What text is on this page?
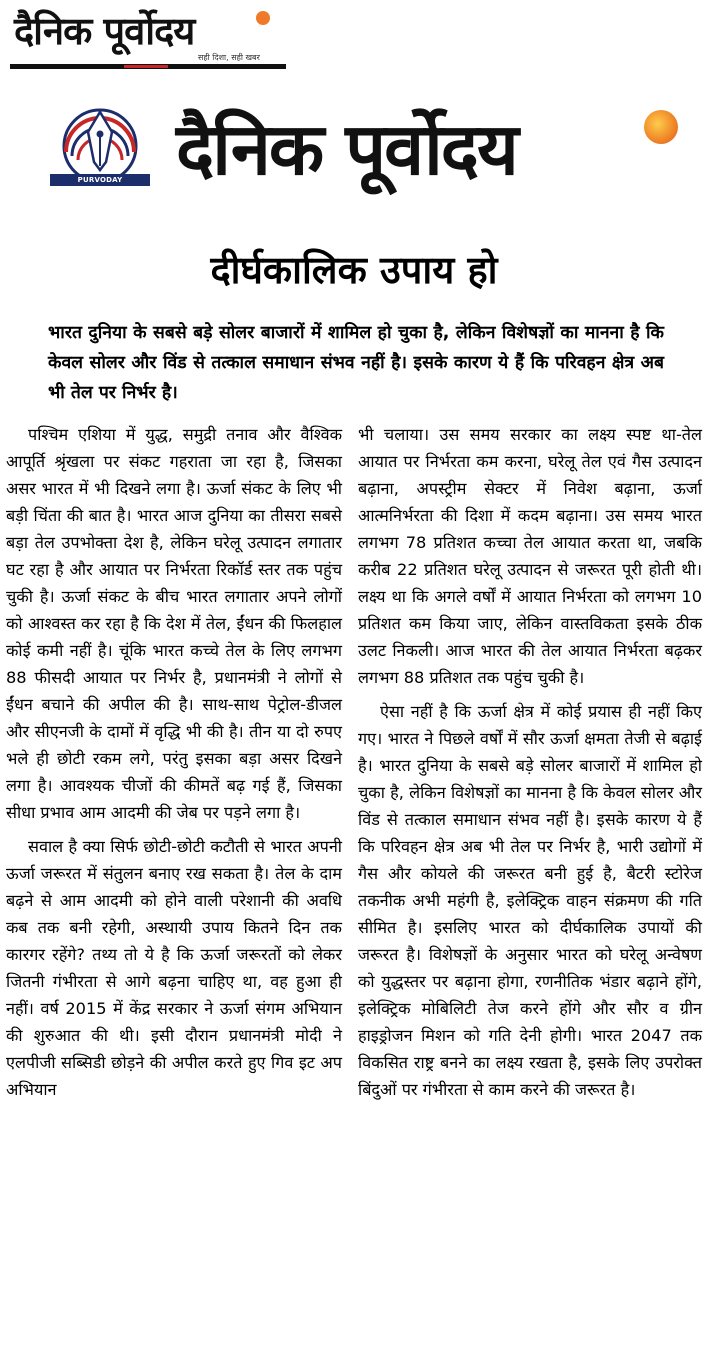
दैनिक पूर्वोदय
सही दिशा, सही खबर
PURVODAY PUBLICATIONS
दैनिक पूर्वोदय
दीर्घकालिक उपाय हो
भारत दुनिया के सबसे बड़े सोलर बाजारों में शामिल हो चुका है, लेकिन विशेषज्ञों का मानना है कि केवल सोलर और विंड से तत्काल समाधान संभव नहीं है। इसके कारण ये हैं कि परिवहन क्षेत्र अब भी तेल पर निर्भर है।

पश्चिम एशिया में युद्ध, समुद्री तनाव और वैश्विक आपूर्ति श्रृंखला पर संकट गहराता जा रहा है, जिसका असर भारत में भी दिखने लगा है। ऊर्जा संकट के लिए भी बड़ी चिंता की बात है। भारत आज दुनिया का तीसरा सबसे बड़ा तेल उपभोक्ता देश है, लेकिन घरेलू उत्पादन लगातार घट रहा है और आयात पर निर्भरता रिकॉर्ड स्तर तक पहुंच चुकी है। ऊर्जा संकट के बीच भारत लगातार अपने लोगों को आश्वस्त कर रहा है कि देश में तेल, ईंधन की फिलहाल कोई कमी नहीं है। चूंकि भारत कच्चे तेल के लिए लगभग 88 फीसदी आयात पर निर्भर है, प्रधानमंत्री ने लोगों से ईंधन बचाने की अपील की है। साथ-साथ पेट्रोल-डीजल और सीएनजी के दामों में वृद्धि भी की है। तीन या दो रुपए भले ही छोटी रकम लगे, परंतु इसका बड़ा असर दिखने लगा है। आवश्यक चीजों की कीमतें बढ़ गई हैं, जिसका सीधा प्रभाव आम आदमी की जेब पर पड़ने लगा है।

सवाल है क्या सिर्फ छोटी-छोटी कटौती से भारत अपनी ऊर्जा जरूरत में संतुलन बनाए रख सकता है। तेल के दाम बढ़ने से आम आदमी को होने वाली परेशानी की अवधि कब तक बनी रहेगी, अस्थायी उपाय कितने दिन तक कारगर रहेंगे? तथ्य तो ये है कि ऊर्जा जरूरतों को लेकर जितनी गंभीरता से आगे बढ़ना चाहिए था, वह हुआ ही नहीं। वर्ष 2015 में केंद्र सरकार ने ऊर्जा संगम अभियान की शुरुआत की थी। इसी दौरान प्रधानमंत्री मोदी ने एलपीजी सब्सिडी छोड़ने की अपील करते हुए गिव इट अप अभियान

भी चलाया। उस समय सरकार का लक्ष्य स्पष्ट था-तेल आयात पर निर्भरता कम करना, घरेलू तेल एवं गैस उत्पादन बढ़ाना, अपस्ट्रीम सेक्टर में निवेश बढ़ाना, ऊर्जा आत्मनिर्भरता की दिशा में कदम बढ़ाना। उस समय भारत लगभग 78 प्रतिशत कच्चा तेल आयात करता था, जबकि करीब 22 प्रतिशत घरेलू उत्पादन से जरूरत पूरी होती थी। लक्ष्य था कि अगले वर्षों में आयात निर्भरता को लगभग 10 प्रतिशत कम किया जाए, लेकिन वास्तविकता इसके ठीक उलट निकली। आज भारत की तेल आयात निर्भरता बढ़कर लगभग 88 प्रतिशत तक पहुंच चुकी है।

ऐसा नहीं है कि ऊर्जा क्षेत्र में कोई प्रयास ही नहीं किए गए। भारत ने पिछले वर्षों में सौर ऊर्जा क्षमता तेजी से बढ़ाई है। भारत दुनिया के सबसे बड़े सोलर बाजारों में शामिल हो चुका है, लेकिन विशेषज्ञों का मानना है कि केवल सोलर और विंड से तत्काल समाधान संभव नहीं है। इसके कारण ये हैं कि परिवहन क्षेत्र अब भी तेल पर निर्भर है, भारी उद्योगों में गैस और कोयले की जरूरत बनी हुई है, बैटरी स्टोरेज तकनीक अभी महंगी है, इलेक्ट्रिक वाहन संक्रमण की गति सीमित है। इसलिए भारत को दीर्घकालिक उपायों की जरूरत है। विशेषज्ञों के अनुसार भारत को घरेलू अन्वेषण को युद्धस्तर पर बढ़ाना होगा, रणनीतिक भंडार बढ़ाने होंगे, इलेक्ट्रिक मोबिलिटी तेज करने होंगे और सौर व ग्रीन हाइड्रोजन मिशन को गति देनी होगी। भारत 2047 तक विकसित राष्ट्र बनने का लक्ष्य रखता है, इसके लिए उपरोक्त बिंदुओं पर गंभीरता से काम करने की जरूरत है।
